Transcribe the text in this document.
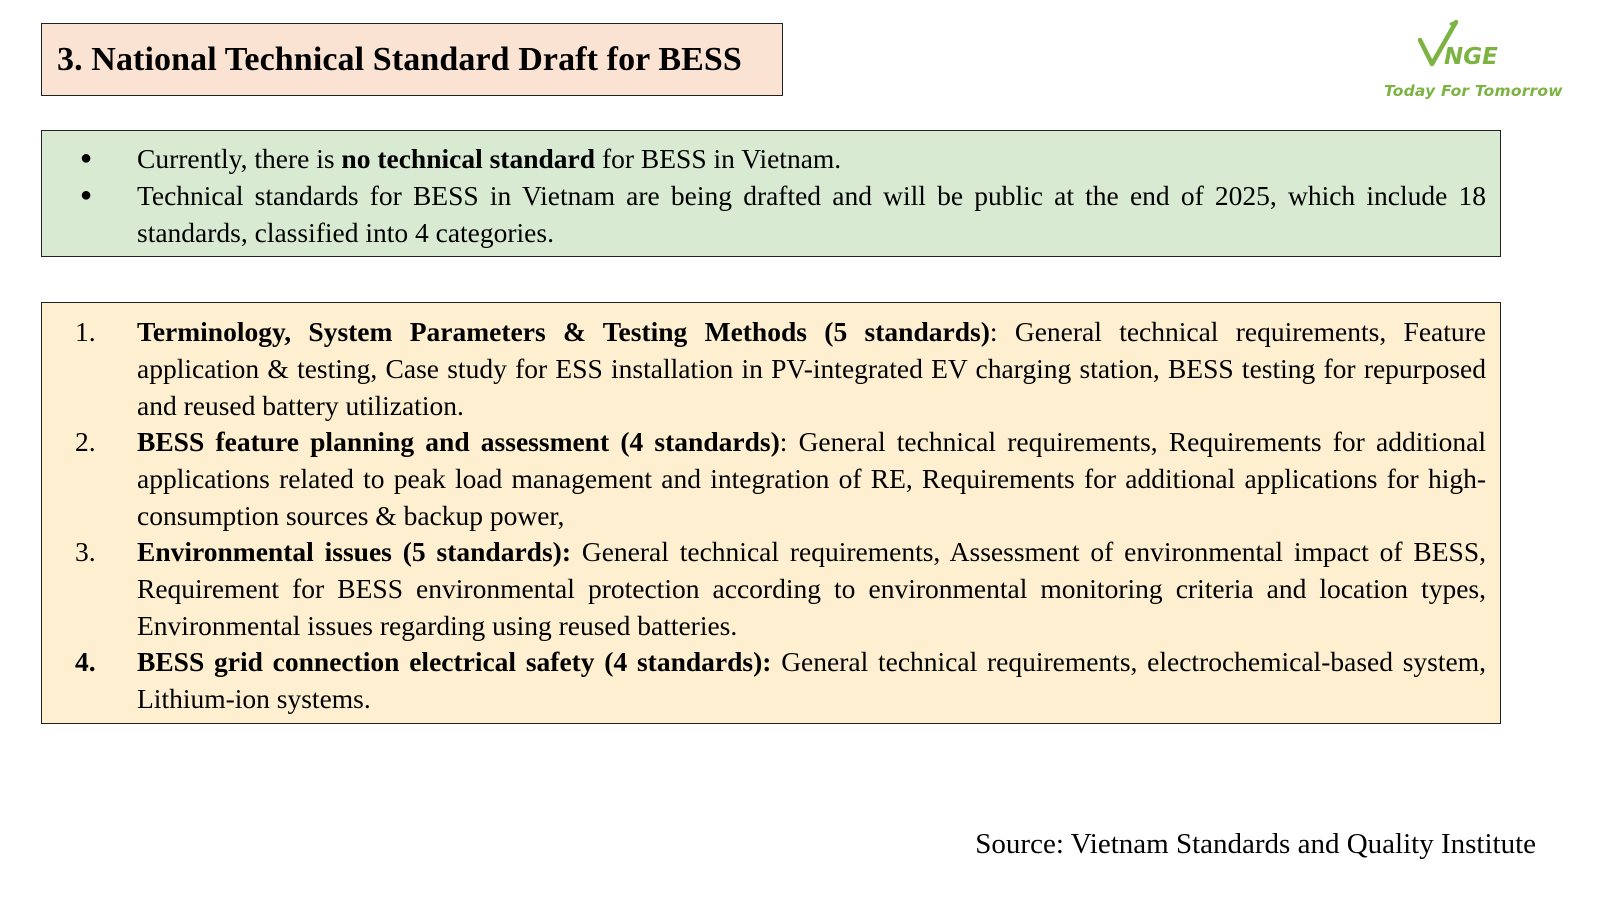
3. National Technical Standard Draft for BESS	NGE
Today For Tomorrow
●	Currently, there is no technical standard for BESS in Vietnam.
●	Technical standards for BESS in Vietnam are being drafted and will be public at the end of 2025, which include 18 standards, classified into 4 categories.
1.	Terminology, System Parameters & Testing Methods (5 standards): General technical requirements, Feature application & testing, Case study for ESS installation in PV-integrated EV charging station, BESS testing for repurposed and reused battery utilization.
2.	BESS feature planning and assessment (4 standards): General technical requirements, Requirements for additional applications related to peak load management and integration of RE, Requirements for additional applications for high-consumption sources & backup power,
3.	Environmental issues (5 standards): General technical requirements, Assessment of environmental impact of BESS, Requirement for BESS environmental protection according to environmental monitoring criteria and location types, Environmental issues regarding using reused batteries.
4.	BESS grid connection electrical safety (4 standards): General technical requirements, electrochemical-based system, Lithium-ion systems.
Source: Vietnam Standards and Quality Institute
